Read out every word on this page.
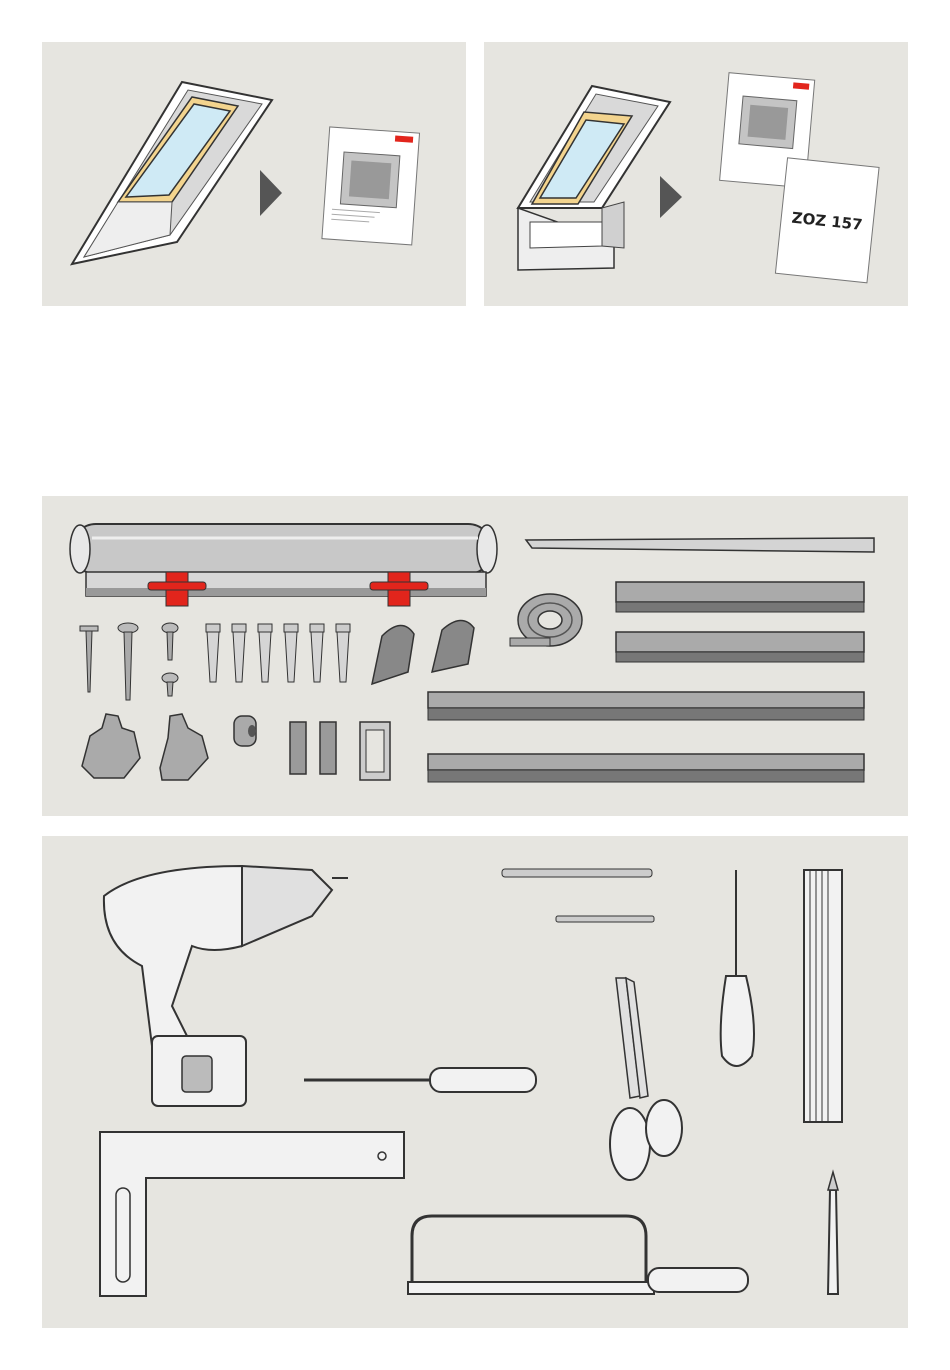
ZOZ 157
